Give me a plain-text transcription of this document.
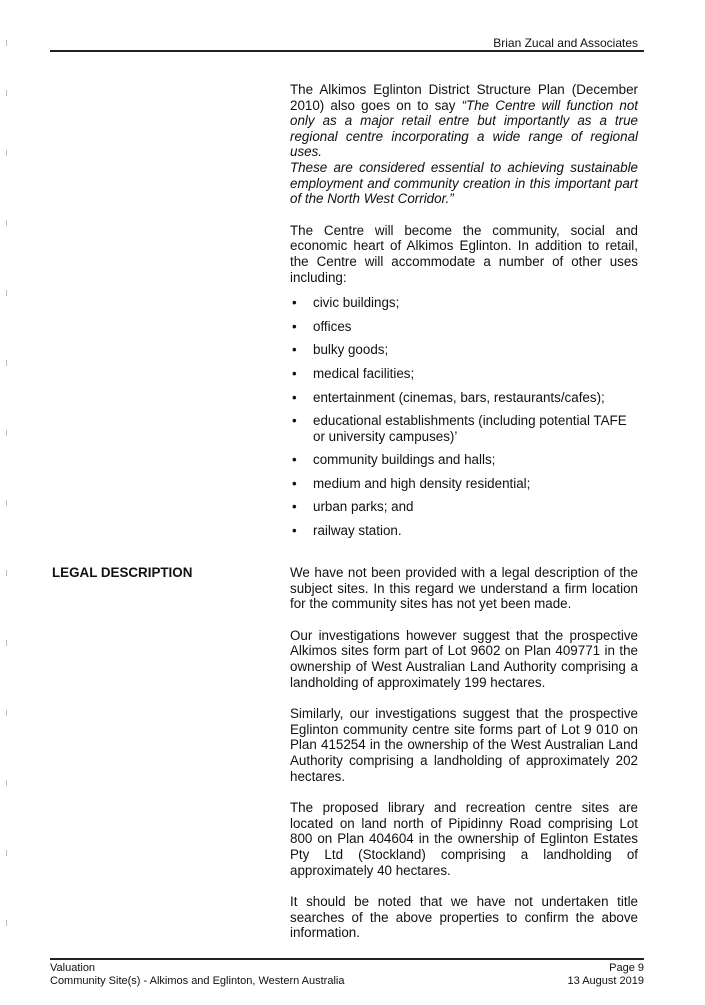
Brian Zucal and Associates

The Alkimos Eglinton District Structure Plan (December 2010) also goes on to say “The Centre will function not only as a major retail entre but importantly as a true regional centre incorporating a wide range of regional uses.
These are considered essential to achieving sustainable employment and community creation in this important part of the North West Corridor.”

The Centre will become the community, social and economic heart of Alkimos Eglinton. In addition to retail, the Centre will accommodate a number of other uses including:

• civic buildings;
• offices
• bulky goods;
• medical facilities;
• entertainment (cinemas, bars, restaurants/cafes);
• educational establishments (including potential TAFE or university campuses)’
• community buildings and halls;
• medium and high density residential;
• urban parks; and
• railway station.
LEGAL DESCRIPTION	We have not been provided with a legal description of the subject sites. In this regard we understand a firm location for the community sites has not yet been made.

Our investigations however suggest that the prospective Alkimos sites form part of Lot 9602 on Plan 409771 in the ownership of West Australian Land Authority comprising a landholding of approximately 199 hectares.

Similarly, our investigations suggest that the prospective Eglinton community centre site forms part of Lot 9 010 on Plan 415254 in the ownership of the West Australian Land Authority comprising a landholding of approximately 202 hectares.

The proposed library and recreation centre sites are located on land north of Pipidinny Road comprising Lot 800 on Plan 404604 in the ownership of Eglinton Estates Pty Ltd (Stockland) comprising a landholding of approximately 40 hectares.

It should be noted that we have not undertaken title searches of the above properties to confirm the above information.

Valuation	Page 9
Community Site(s) - Alkimos and Eglinton, Western Australia	13 August 2019
